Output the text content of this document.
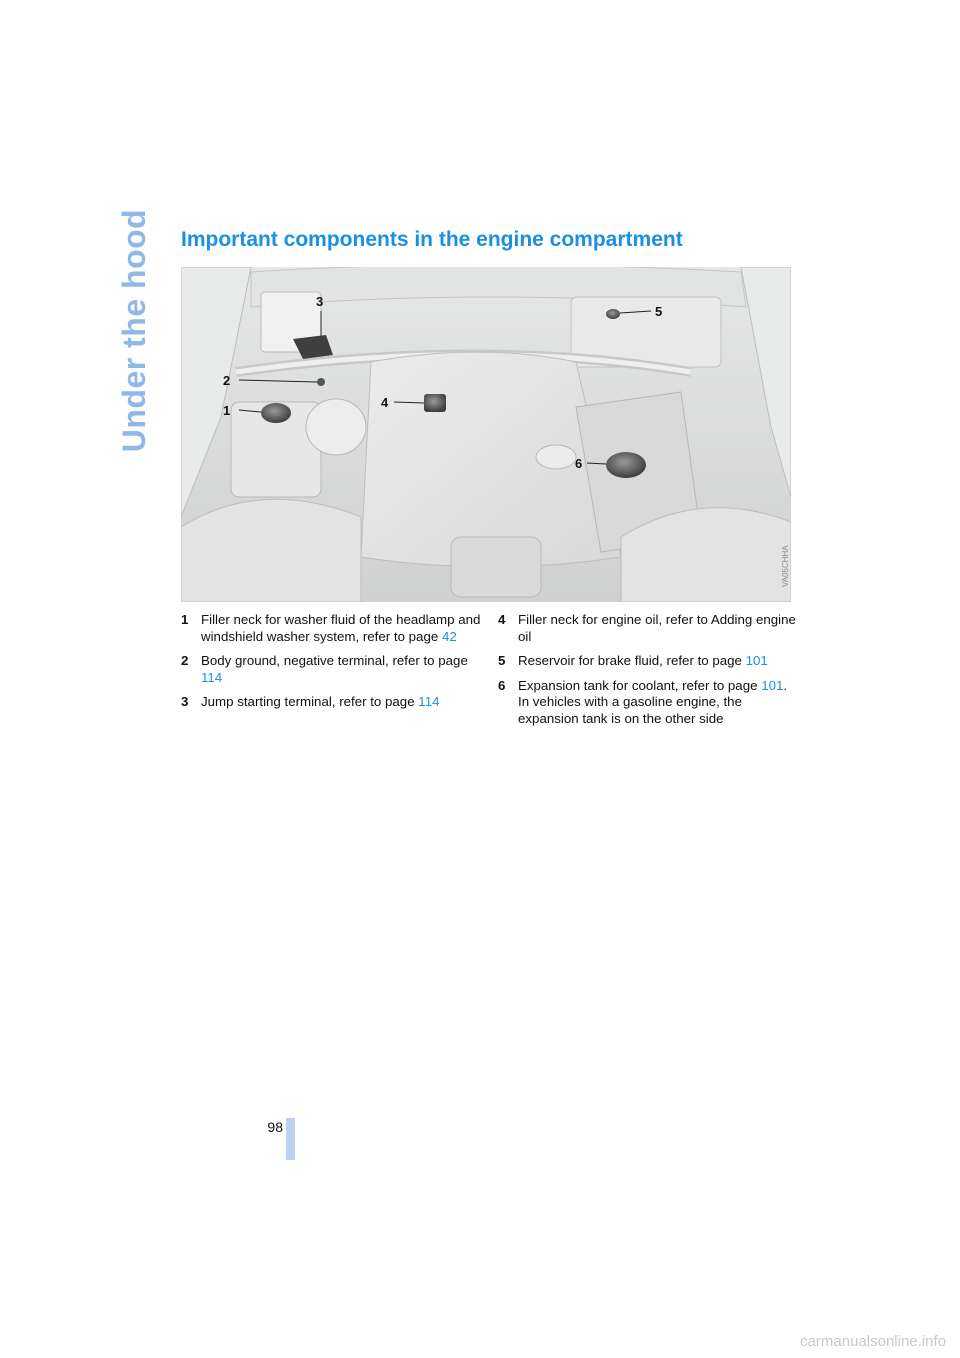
Under the hood Important components in the engine compartment
1
2
3
4
5
6
VA05CHHA
1 Filler neck for washer fluid of the headlamp and windshield washer system, refer to page 42
2 Body ground, negative terminal, refer to page 114
3 Jump starting terminal, refer to page 114
4 Filler neck for engine oil, refer to Adding engine oil
5 Reservoir for brake fluid, refer to page 101
6 Expansion tank for coolant, refer to page 101. In vehicles with a gasoline engine, the expansion tank is on the other side
98
carmanualsonline.info
